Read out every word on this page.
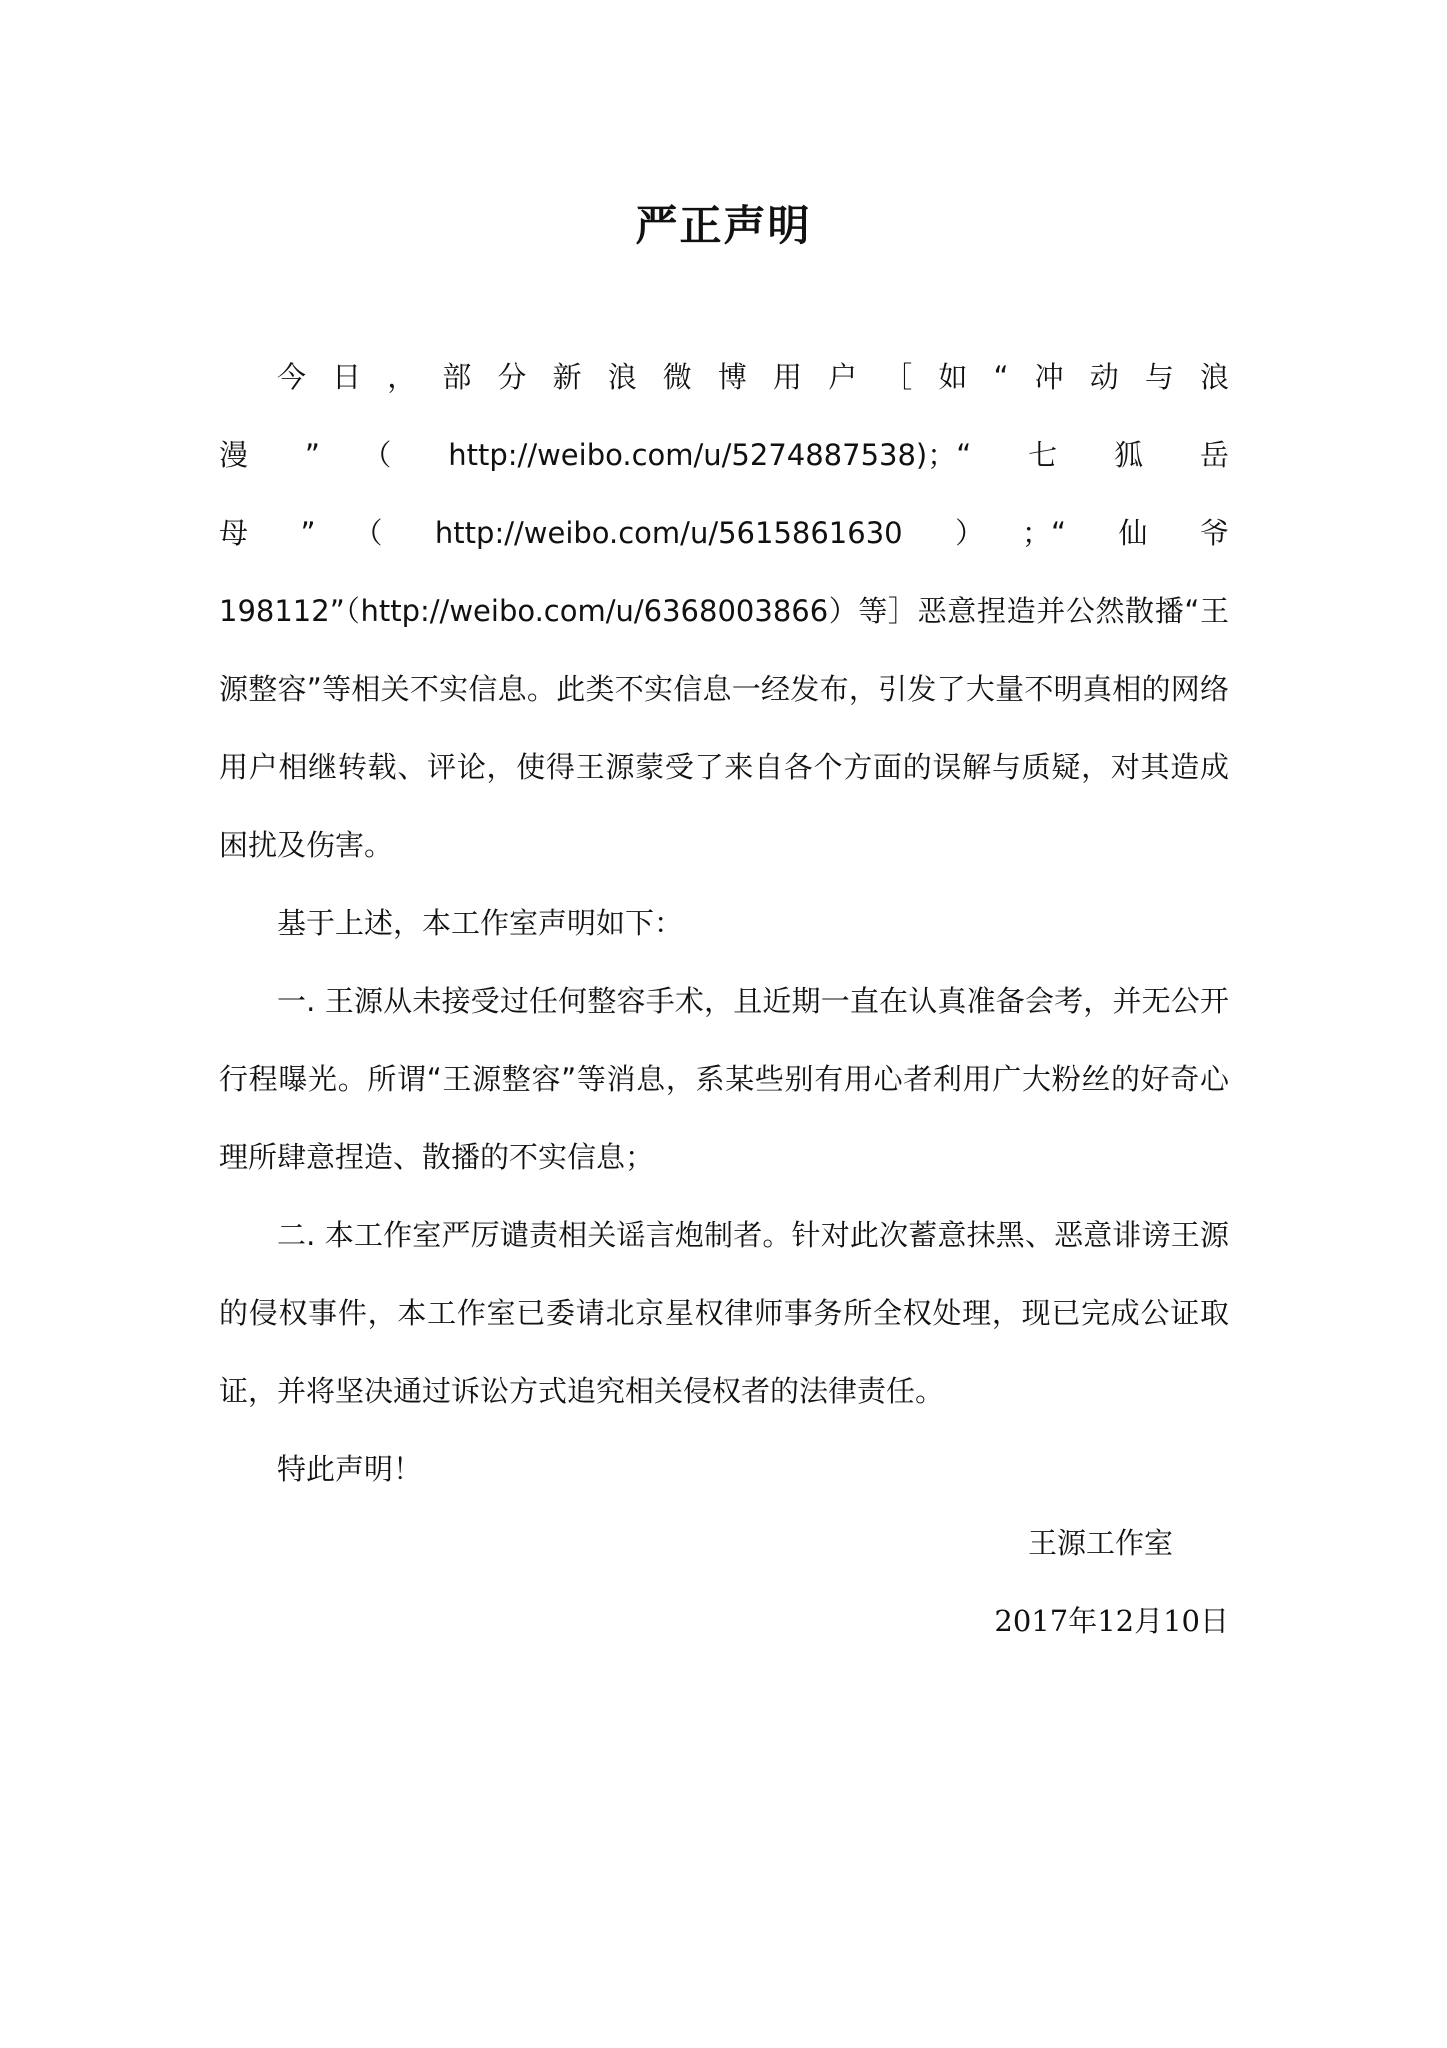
严正声明

今日，部分新浪微博用户［如“冲动与浪漫”（http://weibo.com/u/5274887538)；“七狐岳母”（http://weibo.com/u/5615861630）；“仙爷198112”（http://weibo.com/u/6368003866）等］恶意捏造并公然散播“王源整容”等相关不实信息。此类不实信息一经发布，引发了大量不明真相的网络用户相继转载、评论，使得王源蒙受了来自各个方面的误解与质疑，对其造成困扰及伤害。

基于上述，本工作室声明如下：

一. 王源从未接受过任何整容手术，且近期一直在认真准备会考，并无公开行程曝光。所谓“王源整容”等消息，系某些别有用心者利用广大粉丝的好奇心理所肆意捏造、散播的不实信息；

二. 本工作室严厉谴责相关谣言炮制者。针对此次蓄意抹黑、恶意诽谤王源的侵权事件，本工作室已委请北京星权律师事务所全权处理，现已完成公证取证，并将坚决通过诉讼方式追究相关侵权者的法律责任。

特此声明！

王源工作室

2017年12月10日
